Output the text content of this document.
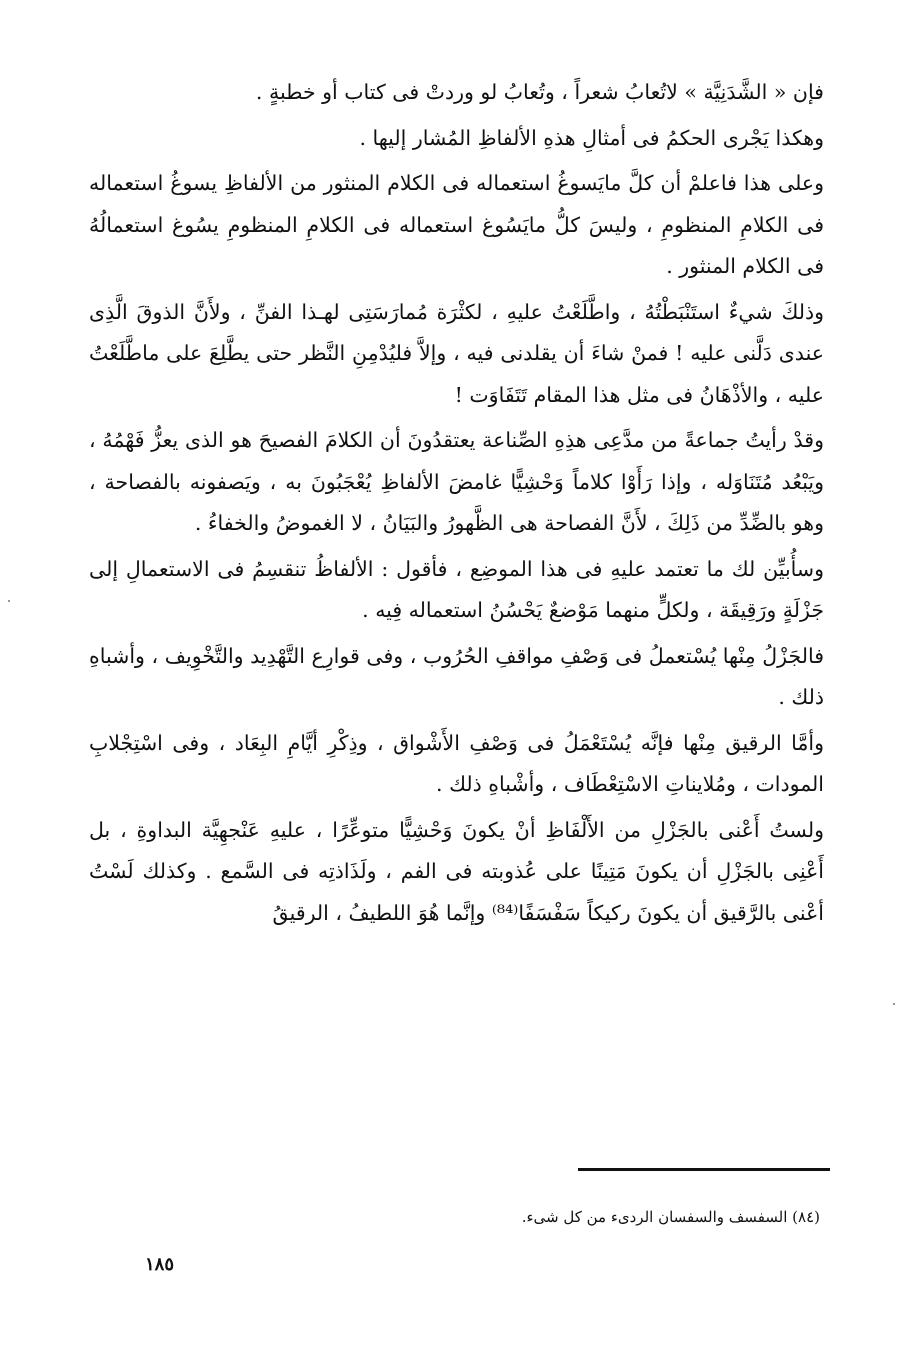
فإن « الشَّدَنِيَّة » لاتُعابُ شعراً ، وتُعابُ لو وردتْ فى كتاب أو خطبةٍ .

وهكذا يَجْرى الحكمُ فى أمثالِ هذهِ الألفاظِ المُشار إليها .

وعلى هذا فاعلمْ أن كلَّ مايَسوغُ استعماله فى الكلام المنثور من الألفاظِ يسوغُ استعماله فى الكلامِ المنظومِ ، وليسَ كلُّ مايَسُوغ استعماله فى الكلامِ المنظومِ يسُوغ استعمالُهُ فى الكلام المنثور .

وذلكَ شيءٌ استَنْبَطْتُهُ ، واطَّلَعْتُ عليهِ ، لكثْرَة مُمارَسَتِى لهـذا الفنِّ ، ولأَنَّ الذوقَ الَّذِى عندى دَلَّنى عليه ! فمنْ شاءَ أن يقلدنى فيه ، وإلاَّ فليُدْمِنِ النَّظر حتى يطَّلِعَ على ماطَّلَعْتُ عليه ، والأذْهَانُ فى مثل هذا المقام تَتَفَاوَت !

وقدْ رأيتُ جماعةً من مدَّعِى هذِهِ الصِّناعة يعتقدُونَ أن الكلامَ الفصيحَ هو الذى يعزُّ فَهْمُهُ ، ويَبْعُد مُتَنَاوَله ، وإذا رَأَوْا كلاماً وَحْشِيًّا غامضَ الألفاظِ يُعْجَبُونَ به ، ويَصفونه بالفصاحة ، وهو بالضِّدِّ من ذَلِكَ ، لأَنَّ الفصاحة هى الظَّهورُ والبَيَانُ ، لا الغموضُ والخفاءُ .

وسأُبيِّن لك ما تعتمد عليهِ فى هذا الموضِع ، فأقول : الألفاظُ تنقسِمُ فى الاستعمالِ إلى جَزْلَةٍ ورَقِيقَة ، ولكلٍّ منهما مَوْضعٌ يَحْسُنُ استعماله فِيه .

فالجَزْلُ مِنْها يُسْتعملُ فى وَصْفِ مواقفِ الحُرُوب ، وفى قوارِع التَّهْدِيد والتَّخْوِيف ، وأشباهِ ذلك .

وأمَّا الرقيق مِنْها فإنَّه يُسْتَعْمَلُ فى وَصْفِ الأَشْواق ، وذِكْرِ أيَّامِ البِعَاد ، وفى اسْتِجْلابِ المودات ، ومُلايناتِ الاسْتِعْطَاف ، وأشْباهِ ذلك .

ولستُ أَعْنى بالجَزْلِ من الأَلْفَاظِ أنْ يكونَ وَحْشِيًّا متوعِّرًا ، عليهِ عَنْجهِيَّة البداوةِ ، بل أَعْنِى بالجَزْلِ أن يكونَ مَتِينًا على عُذوبته فى الفم ، ولَذَاذتِه فى السَّمع . وكذلك لَسْتُ أعْنى بالرَّقيق أن يكونَ ركيكاً سَفْسَفًا⁽⁸⁴⁾ وإنَّما هُوَ اللطيفُ ، الرقيقُ

(٨٤) السفسف والسفسان الردىء من كل شىء.
١٨٥
